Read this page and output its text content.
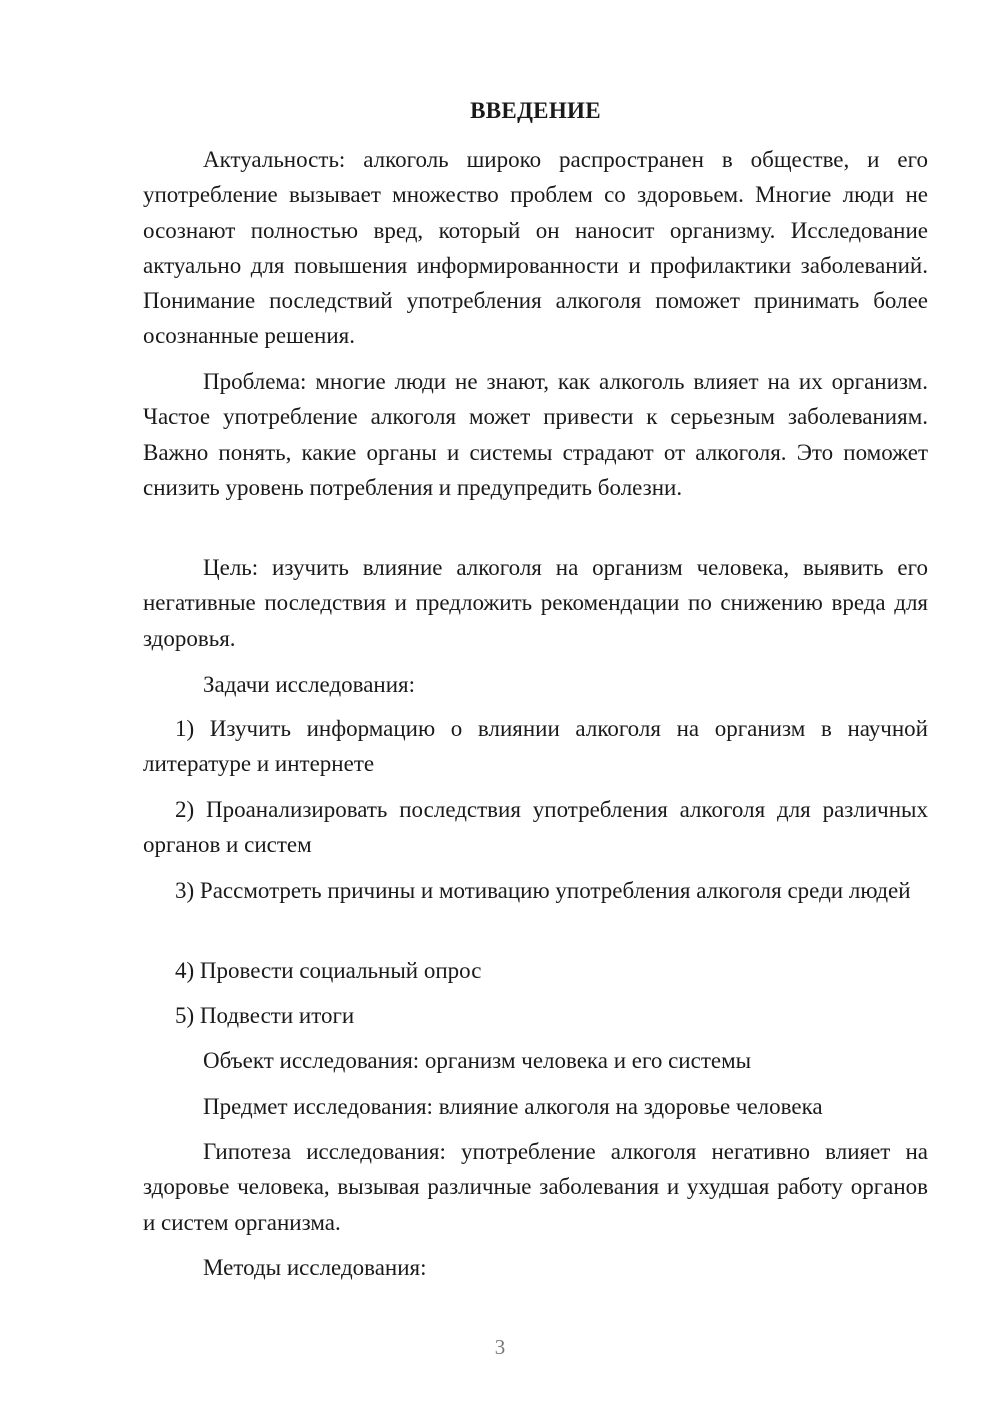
ВВЕДЕНИЕ

Актуальность: алкоголь широко распространен в обществе, и его употребление вызывает множество проблем со здоровьем. Многие люди не осознают полностью вред, который он наносит организму. Исследование актуально для повышения информированности и профилактики заболеваний. Понимание последствий употребления алкоголя поможет принимать более осознанные решения.

Проблема: многие люди не знают, как алкоголь влияет на их организм. Частое употребление алкоголя может привести к серьезным заболеваниям. Важно понять, какие органы и системы страдают от алкоголя. Это поможет снизить уровень потребления и предупредить болезни.

Цель: изучить влияние алкоголя на организм человека, выявить его негативные последствия и предложить рекомендации по снижению вреда для здоровья.

Задачи исследования:

1) Изучить информацию о влиянии алкоголя на организм в научной литературе и интернете

2) Проанализировать последствия употребления алкоголя для различных органов и систем

3) Рассмотреть причины и мотивацию употребления алкоголя среди людей

4) Провести социальный опрос

5) Подвести итоги

Объект исследования: организм человека и его системы

Предмет исследования: влияние алкоголя на здоровье человека

Гипотеза исследования: употребление алкоголя негативно влияет на здоровье человека, вызывая различные заболевания и ухудшая работу органов и систем организма.

Методы исследования:

3
